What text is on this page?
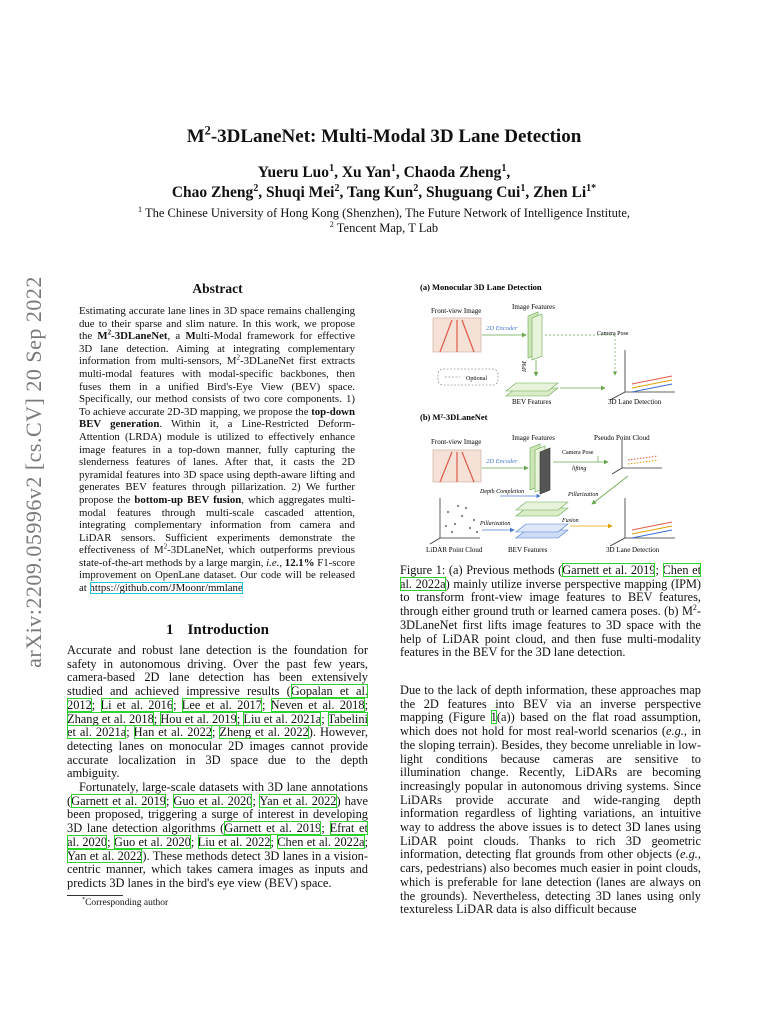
arXiv:2209.05996v2 [cs.CV] 20 Sep 2022
$M^2-3DLaneNet$: Multi-Modal 3D Lane Detection
Yueru Luo$^1$, Xu Yan$^1$, Chaoda Zheng$^1$,
Chao Zheng$^2$, Shuqi Mei$^2$, Tang Kun$^2$, Shuguang Cui$^1$, Zhen $Li^{1*}$
$^1$ The Chinese University of Hong Kong (Shenzhen), The Future Network of Intelligence Institute,
$^2$ Tencent Map, T Lab
Abstract
Estimating accurate lane lines in 3D space remains challenging due to their sparse and slim nature. In this work, we propose the $M^2-3DLaneNet$, a Multi-Modal framework for effective 3D lane detection. Aiming at integrating complementary information from multi-sensors, $M^2-3DLaneNet$ first extracts multi-modal features with modal-specific backbones, then fuses them in a unified Bird's-Eye View (BEV) space. Specifically, our method consists of two core components. 1) To achieve accurate 2D-3D mapping, we propose the top-down BEV generation. Within it, a Line-Restricted Deform-Attention (LRDA) module is utilized to effectively enhance image features in a top-down manner, fully capturing the slenderness features of lanes. After that, it casts the 2D pyramidal features into 3D space using depth-aware lifting and generates BEV features through pillarization. 2) We further propose the bottom-up BEV fusion, which aggregates multi-modal features through multi-scale cascaded attention, integrating complementary information from camera and LiDAR sensors. Sufficient experiments demonstrate the effectiveness of $M^2-3DLaneNet$, which outperforms previous state-of-the-art methods by a large margin, i.e., 12.1% F1-score improvement on OpenLane dataset. Our code will be released at https://github.com/JMoonr/mmlane
1 Introduction

Accurate and robust lane detection is the foundation for safety in autonomous driving. Over the past few years, camera-based 2D lane detection has been extensively studied and achieved impressive results (Gopalan et al. 2012; Li et al. 2016; Lee et al. 2017; Neven et al. 2018; Zhang et al. 2018; Hou et al. 2019; Liu et al. 2021a; Tabelini et al. 2021a; Han et al. 2022; Zheng et al. 2022). However, detecting lanes on monocular 2D images cannot provide accurate localization in 3D space due to the depth ambiguity.

Fortunately, large-scale datasets with 3D lane annotations (Garnett et al. 2019; Guo et al. 2020; Yan et al. 2022) have been proposed, triggering a surge of interest in developing 3D lane detection algorithms (Garnett et al. 2019; Efrat et al. 2020; Guo et al. 2020; Liu et al. 2022; Chen et al. 2022a; Yan et al. 2022). These methods detect 3D lanes in a vision-centric manner, which takes camera images as inputs and predicts 3D lanes in the bird's eye view (BEV) space.

*Corresponding author
(a) Monocular 3D Lane Detection
Front-view Image	Image Features
2D Encoder
Camera Pose
IPM
Optional
BEV Features	3D Lane Detection
(b) M²-3DLaneNet
Front-view Image	Image Features
2D Encoder
Pseudo Point Cloud
Camera Pose
lifting
Depth Completion	Pillarization
LiDAR Point Cloud
Pillarization
BEV Features
Fusion
3D Lane Detection
Figure 1: (a) Previous methods (Garnett et al. 2019; Chen et al. 2022a) mainly utilize inverse perspective mapping (IPM) to transform front-view image features to BEV features, through either ground truth or learned camera poses. (b) $M^2-3DLaneNet$ first lifts image features to 3D space with the help of LiDAR point cloud, and then fuse multi-modality features in the BEV for the 3D lane detection.
Due to the lack of depth information, these approaches map the 2D features into BEV via an inverse perspective mapping (Figure 1(a)) based on the flat road assumption, which does not hold for most real-world scenarios (e.g., in the sloping terrain). Besides, they become unreliable in low-light conditions because cameras are sensitive to illumination change. Recently, LiDARs are becoming increasingly popular in autonomous driving systems. Since LiDARs provide accurate and wide-ranging depth information regardless of lighting variations, an intuitive way to address the above issues is to detect 3D lanes using LiDAR point clouds. Thanks to rich 3D geometric information, detecting flat grounds from other objects (e.g., cars, pedestrians) also becomes much easier in point clouds, which is preferable for lane detection (lanes are always on the grounds). Nevertheless, detecting 3D lanes using only textureless LiDAR data is also difficult because
